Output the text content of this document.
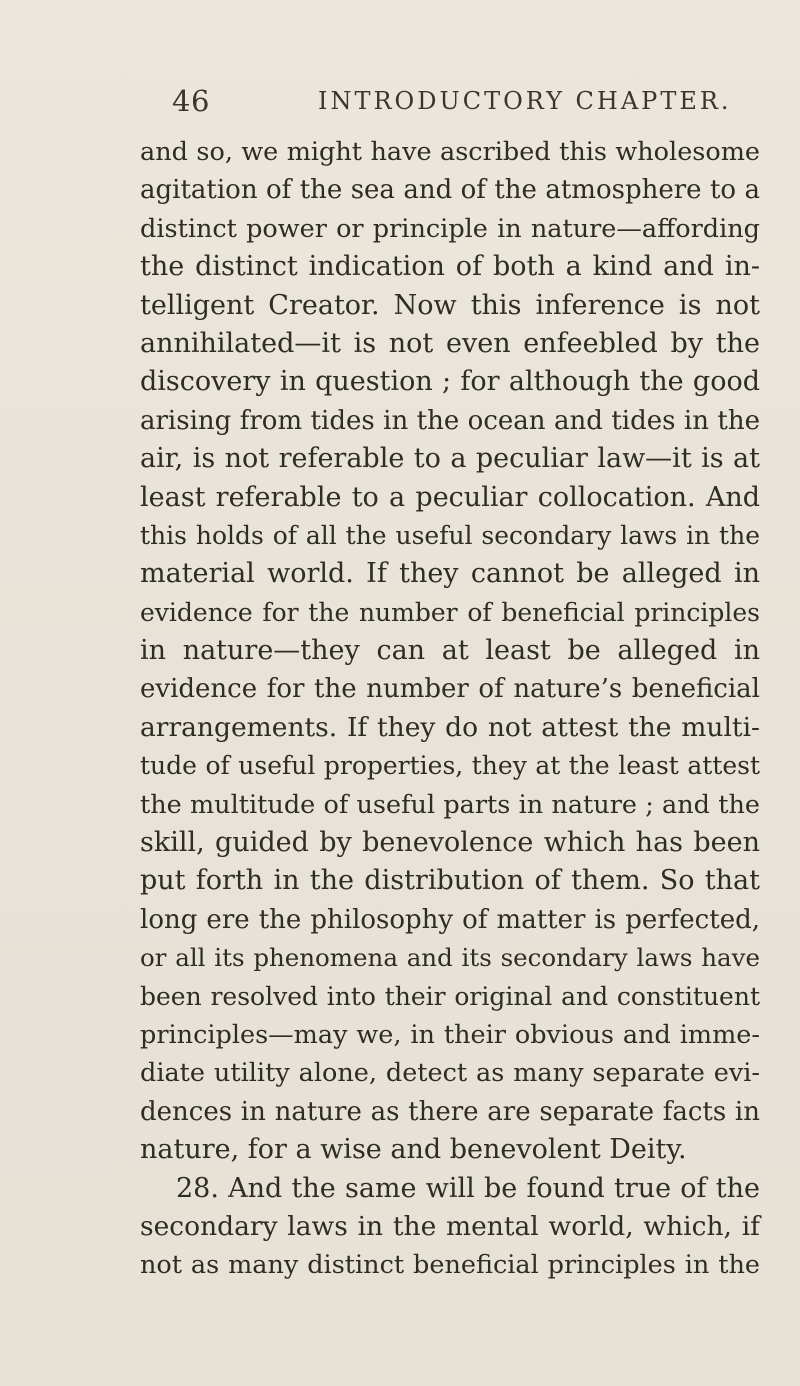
46	INTRODUCTORY CHAPTER.
and so, we might have ascribed this wholesome
agitation of the sea and of the atmosphere to a
distinct power or principle in nature—affording
the distinct indication of both a kind and in-
telligent Creator. Now this inference is not
annihilated—it is not even enfeebled by the
discovery in question ; for although the good
arising from tides in the ocean and tides in the
air, is not referable to a peculiar law—it is at
least referable to a peculiar collocation. And
this holds of all the useful secondary laws in the
material world. If they cannot be alleged in
evidence for the number of beneficial principles
in nature—they can at least be alleged in
evidence for the number of nature’s beneficial
arrangements. If they do not attest the multi-
tude of useful properties, they at the least attest
the multitude of useful parts in nature ; and the
skill, guided by benevolence which has been
put forth in the distribution of them. So that
long ere the philosophy of matter is perfected,
or all its phenomena and its secondary laws have
been resolved into their original and constituent
principles—may we, in their obvious and imme-
diate utility alone, detect as many separate evi-
dences in nature as there are separate facts in
nature, for a wise and benevolent Deity.
28. And the same will be found true of the
secondary laws in the mental world, which, if
not as many distinct beneficial principles in the
